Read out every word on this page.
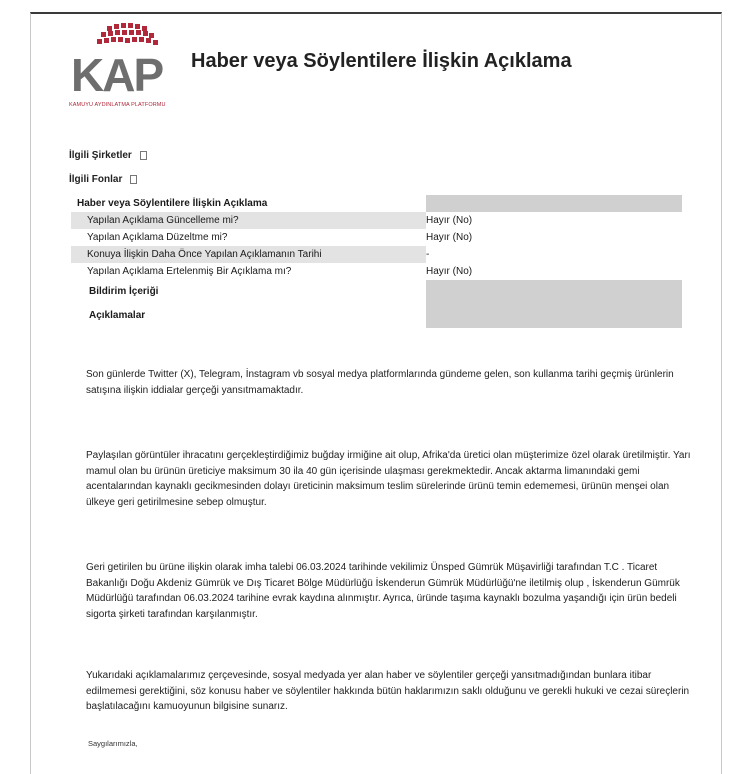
KAP
KAMUYU AYDINLATMA PLATFORMU
Haber veya Söylentilere İlişkin Açıklama
İlgili Şirketler
İlgili Fonlar
Haber veya Söylentilere İlişkin Açıklama
Yapılan Açıklama Güncelleme mi?	Hayır (No)
Yapılan Açıklama Düzeltme mi?	Hayır (No)
Konuya İlişkin Daha Önce Yapılan Açıklamanın Tarihi	-
Yapılan Açıklama Ertelenmiş Bir Açıklama mı?	Hayır (No)
Bildirim İçeriği
Açıklamalar
Son günlerde Twitter (X), Telegram, İnstagram vb sosyal medya platformlarında gündeme gelen, son kullanma tarihi geçmiş ürünlerin satışına ilişkin iddialar gerçeği yansıtmamaktadır.
Paylaşılan görüntüler ihracatını gerçekleştirdiğimiz buğday irmiğine ait olup, Afrika'da üretici olan müşterimize özel olarak üretilmiştir. Yarı mamul olan bu ürünün üreticiye maksimum 30 ila 40 gün içerisinde ulaşması gerekmektedir. Ancak aktarma limanındaki gemi acentalarından kaynaklı gecikmesinden dolayı üreticinin maksimum teslim sürelerinde ürünü temin edememesi, ürünün menşei olan ülkeye geri getirilmesine sebep olmuştur.
Geri getirilen bu ürüne ilişkin olarak imha talebi 06.03.2024 tarihinde vekilimiz Ünsped Gümrük Müşavirliği tarafından T.C . Ticaret Bakanlığı Doğu Akdeniz Gümrük ve Dış Ticaret Bölge Müdürlüğü İskenderun Gümrük Müdürlüğü'ne iletilmiş olup , İskenderun Gümrük Müdürlüğü tarafından 06.03.2024 tarihine evrak kaydına alınmıştır. Ayrıca, üründe taşıma kaynaklı bozulma yaşandığı için ürün bedeli sigorta şirketi tarafından karşılanmıştır.
Yukarıdaki açıklamalarımız çerçevesinde, sosyal medyada yer alan haber ve söylentiler gerçeği yansıtmadığından bunlara itibar edilmemesi gerektiğini, söz konusu haber ve söylentiler hakkında bütün haklarımızın saklı olduğunu ve gerekli hukuki ve cezai süreçlerin başlatılacağını kamuoyunun bilgisine sunarız.
Saygılarımızla,
